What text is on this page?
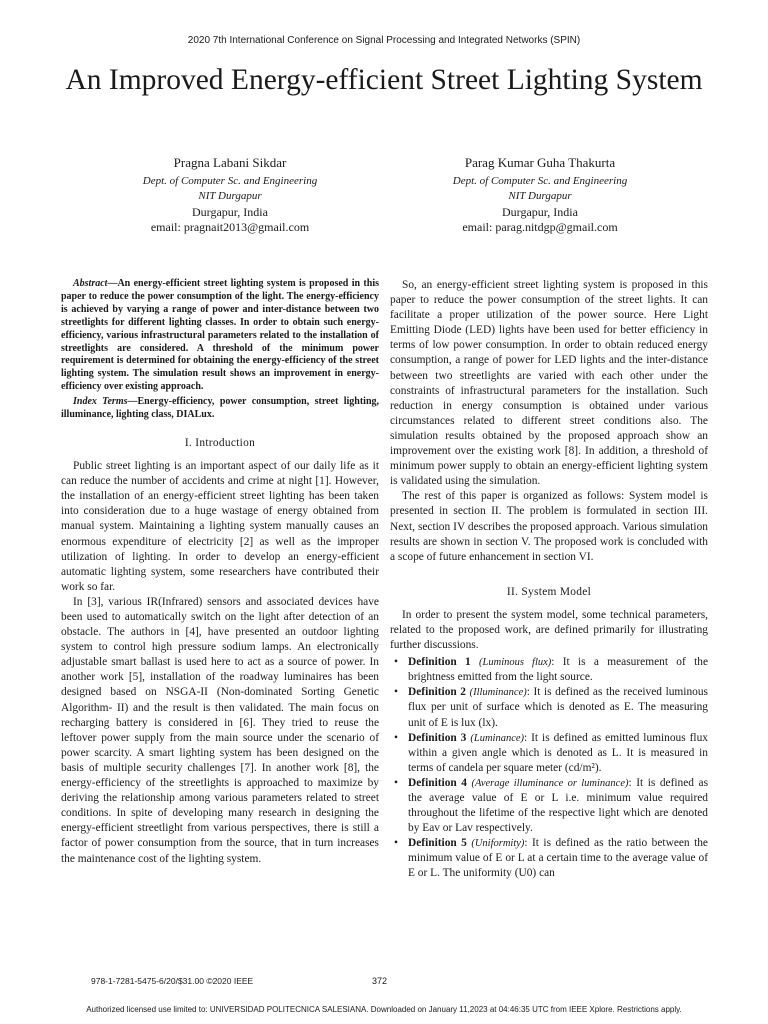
2020 7th International Conference on Signal Processing and Integrated Networks (SPIN)
An Improved Energy-efficient Street Lighting System
Pragna Labani Sikdar
Dept. of Computer Sc. and Engineering
NIT Durgapur
Durgapur, India
email: pragnait2013@gmail.com
Parag Kumar Guha Thakurta
Dept. of Computer Sc. and Engineering
NIT Durgapur
Durgapur, India
email: parag.nitdgp@gmail.com

Abstract—An energy-efficient street lighting system is proposed in this paper to reduce the power consumption of the light. The energy-efficiency is achieved by varying a range of power and inter-distance between two streetlights for different lighting classes. In order to obtain such energy-efficiency, various infrastructural parameters related to the installation of streetlights are considered. A threshold of the minimum power requirement is determined for obtaining the energy-efficiency of the street lighting system. The simulation result shows an improvement in energy-efficiency over existing approach.

Index Terms—Energy-efficiency, power consumption, street lighting, illuminance, lighting class, DIALux.

I. Introduction

Public street lighting is an important aspect of our daily life as it can reduce the number of accidents and crime at night [1]. However, the installation of an energy-efficient street lighting has been taken into consideration due to a huge wastage of energy obtained from manual system. Maintaining a lighting system manually causes an enormous expenditure of electricity [2] as well as the improper utilization of lighting. In order to develop an energy-efficient automatic lighting system, some researchers have contributed their work so far.

In [3], various IR(Infrared) sensors and associated devices have been used to automatically switch on the light after detection of an obstacle. The authors in [4], have presented an outdoor lighting system to control high pressure sodium lamps. An electronically adjustable smart ballast is used here to act as a source of power. In another work [5], installation of the roadway luminaires has been designed based on NSGA-II (Non-dominated Sorting Genetic Algorithm- II) and the result is then validated. The main focus on recharging battery is considered in [6]. They tried to reuse the leftover power supply from the main source under the scenario of power scarcity. A smart lighting system has been designed on the basis of multiple security challenges [7]. In another work [8], the energy-efficiency of the streetlights is approached to maximize by deriving the relationship among various parameters related to street conditions. In spite of developing many research in designing the energy-efficient streetlight from various perspectives, there is still a factor of power consumption from the source, that in turn increases the maintenance cost of the lighting system.

So, an energy-efficient street lighting system is proposed in this paper to reduce the power consumption of the street lights. It can facilitate a proper utilization of the power source. Here Light Emitting Diode (LED) lights have been used for better efficiency in terms of low power consumption. In order to obtain reduced energy consumption, a range of power for LED lights and the inter-distance between two streetlights are varied with each other under the constraints of infrastructural parameters for the installation. Such reduction in energy consumption is obtained under various circumstances related to different street conditions also. The simulation results obtained by the proposed approach show an improvement over the existing work [8]. In addition, a threshold of minimum power supply to obtain an energy-efficient lighting system is validated using the simulation.

The rest of this paper is organized as follows: System model is presented in section II. The problem is formulated in section III. Next, section IV describes the proposed approach. Various simulation results are shown in section V. The proposed work is concluded with a scope of future enhancement in section VI.

II. System Model

In order to present the system model, some technical parameters, related to the proposed work, are defined primarily for illustrating further discussions.

• Definition 1 (Luminous flux): It is a measurement of the brightness emitted from the light source.
• Definition 2 (Illuminance): It is defined as the received luminous flux per unit of surface which is denoted as E. The measuring unit of E is lux (lx).
• Definition 3 (Luminance): It is defined as emitted luminous flux within a given angle which is denoted as L. It is measured in terms of candela per square meter (cd/m²).
• Definition 4 (Average illuminance or luminance): It is defined as the average value of E or L i.e. minimum value required throughout the lifetime of the respective light which are denoted by Eav or Lav respectively.
• Definition 5 (Uniformity): It is defined as the ratio between the minimum value of E or L at a certain time to the average value of E or L. The uniformity (U0) can
978-1-7281-5475-6/20/$31.00 ©2020 IEEE	372
Authorized licensed use limited to: UNIVERSIDAD POLITECNICA SALESIANA. Downloaded on January 11,2023 at 04:46:35 UTC from IEEE Xplore. Restrictions apply.
